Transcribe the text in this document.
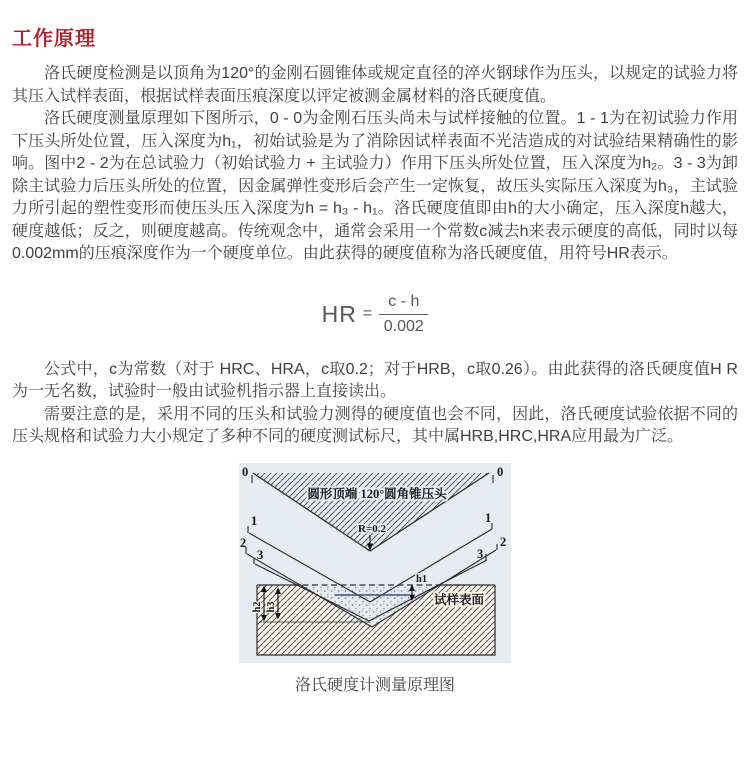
工作原理

洛氏硬度检测是以顶角为120°的金刚石圆锥体或规定直径的淬火钢球作为压头，以规定的试验力将其压入试样表面，根据试样表面压痕深度以评定被测金属材料的洛氏硬度值。

洛氏硬度测量原理如下图所示，0 - 0为金刚石压头尚未与试样接触的位置。1 - 1为在初试验力作用下压头所处位置，压入深度为h₁，初始试验是为了消除因试样表面不光洁造成的对试验结果精确性的影响。图中2 - 2为在总试验力（初始试验力 + 主试验力）作用下压头所处位置，压入深度为h₂。3 - 3为卸除主试验力后压头所处的位置，因金属弹性变形后会产生一定恢复，故压头实际压入深度为h₃，主试验力所引起的塑性变形而使压头压入深度为h = h₃ - h₁。洛氏硬度值即由h的大小确定，压入深度h越大，硬度越低；反之，则硬度越高。传统观念中，通常会采用一个常数c减去h来表示硬度的高低，同时以每0.002mm的压痕深度作为一个硬度单位。由此获得的硬度值称为洛氏硬度值，用符号HR表示。

HR = $\frac{c - h}{0.002}$

公式中，c为常数（对于 HRC、HRA，c取0.2；对于HRB，c取0.26）。由此获得的洛氏硬度值H R为一无名数，试验时一般由试验机指示器上直接读出。

需要注意的是，采用不同的压头和试验力测得的硬度值也会不同，因此，洛氏硬度试验依据不同的压头规格和试验力大小规定了多种不同的硬度测试标尺，其中属HRB,HRC,HRA应用最为广泛。

圆形顶端 120°圆角锥压头
R=0.2
0
1
2
3
0
1
2
3
h1
h2 h3	试样表面
洛氏硬度计测量原理图
